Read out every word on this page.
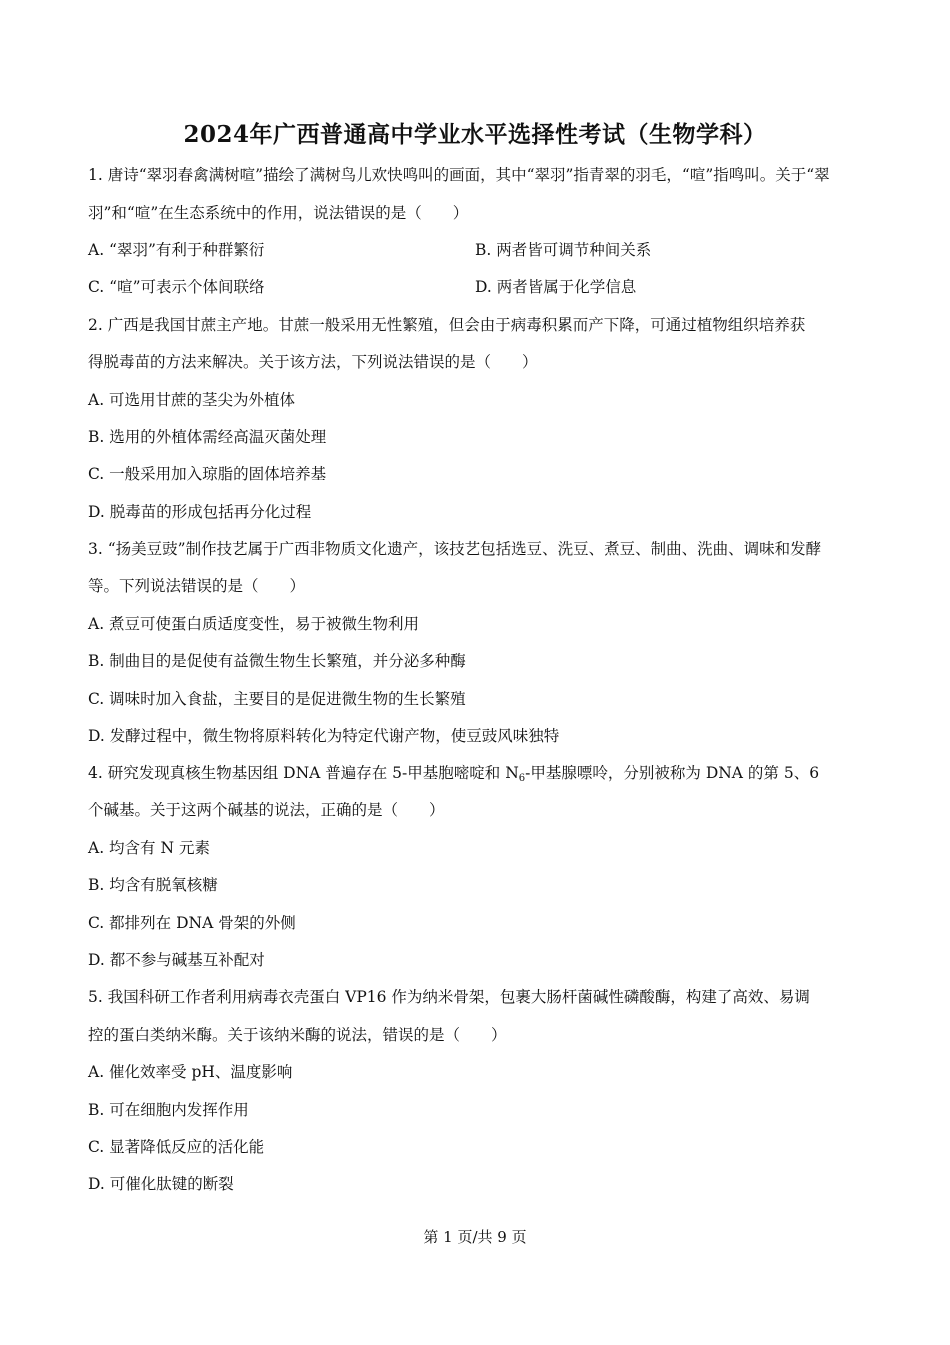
2024年广西普通高中学业水平选择性考试（生物学科）
1. 唐诗“翠羽春禽满树喧”描绘了满树鸟儿欢快鸣叫的画面，其中“翠羽”指青翠的羽毛，“喧”指鸣叫。关于“翠
羽”和“喧”在生态系统中的作用，说法错误的是（　　）
A. “翠羽”有利于种群繁衍	B. 两者皆可调节种间关系
C. “喧”可表示个体间联络	D. 两者皆属于化学信息
2. 广西是我国甘蔗主产地。甘蔗一般采用无性繁殖，但会由于病毒积累而产下降，可通过植物组织培养获
得脱毒苗的方法来解决。关于该方法，下列说法错误的是（　　）
A. 可选用甘蔗的茎尖为外植体
B. 选用的外植体需经高温灭菌处理
C. 一般采用加入琼脂的固体培养基
D. 脱毒苗的形成包括再分化过程
3. “扬美豆豉”制作技艺属于广西非物质文化遗产，该技艺包括选豆、洗豆、煮豆、制曲、洗曲、调味和发酵
等。下列说法错误的是（　　）
A. 煮豆可使蛋白质适度变性，易于被微生物利用
B. 制曲目的是促使有益微生物生长繁殖，并分泌多种酶
C. 调味时加入食盐，主要目的是促进微生物的生长繁殖
D. 发酵过程中，微生物将原料转化为特定代谢产物，使豆豉风味独特
4. 研究发现真核生物基因组 DNA 普遍存在 5-甲基胞嘧啶和 $N_6-$甲基腺嘌呤，分别被称为 DNA 的第 5、6
个碱基。关于这两个碱基的说法，正确的是（　　）
A. 均含有 N 元素
B. 均含有脱氧核糖
C. 都排列在 DNA 骨架的外侧
D. 都不参与碱基互补配对
5. 我国科研工作者利用病毒衣壳蛋白 VP16 作为纳米骨架，包裹大肠杆菌碱性磷酸酶，构建了高效、易调
控的蛋白类纳米酶。关于该纳米酶的说法，错误的是（　　）
A. 催化效率受 pH、温度影响
B. 可在细胞内发挥作用
C. 显著降低反应的活化能
D. 可催化肽键的断裂
第 1 页/共 9 页
